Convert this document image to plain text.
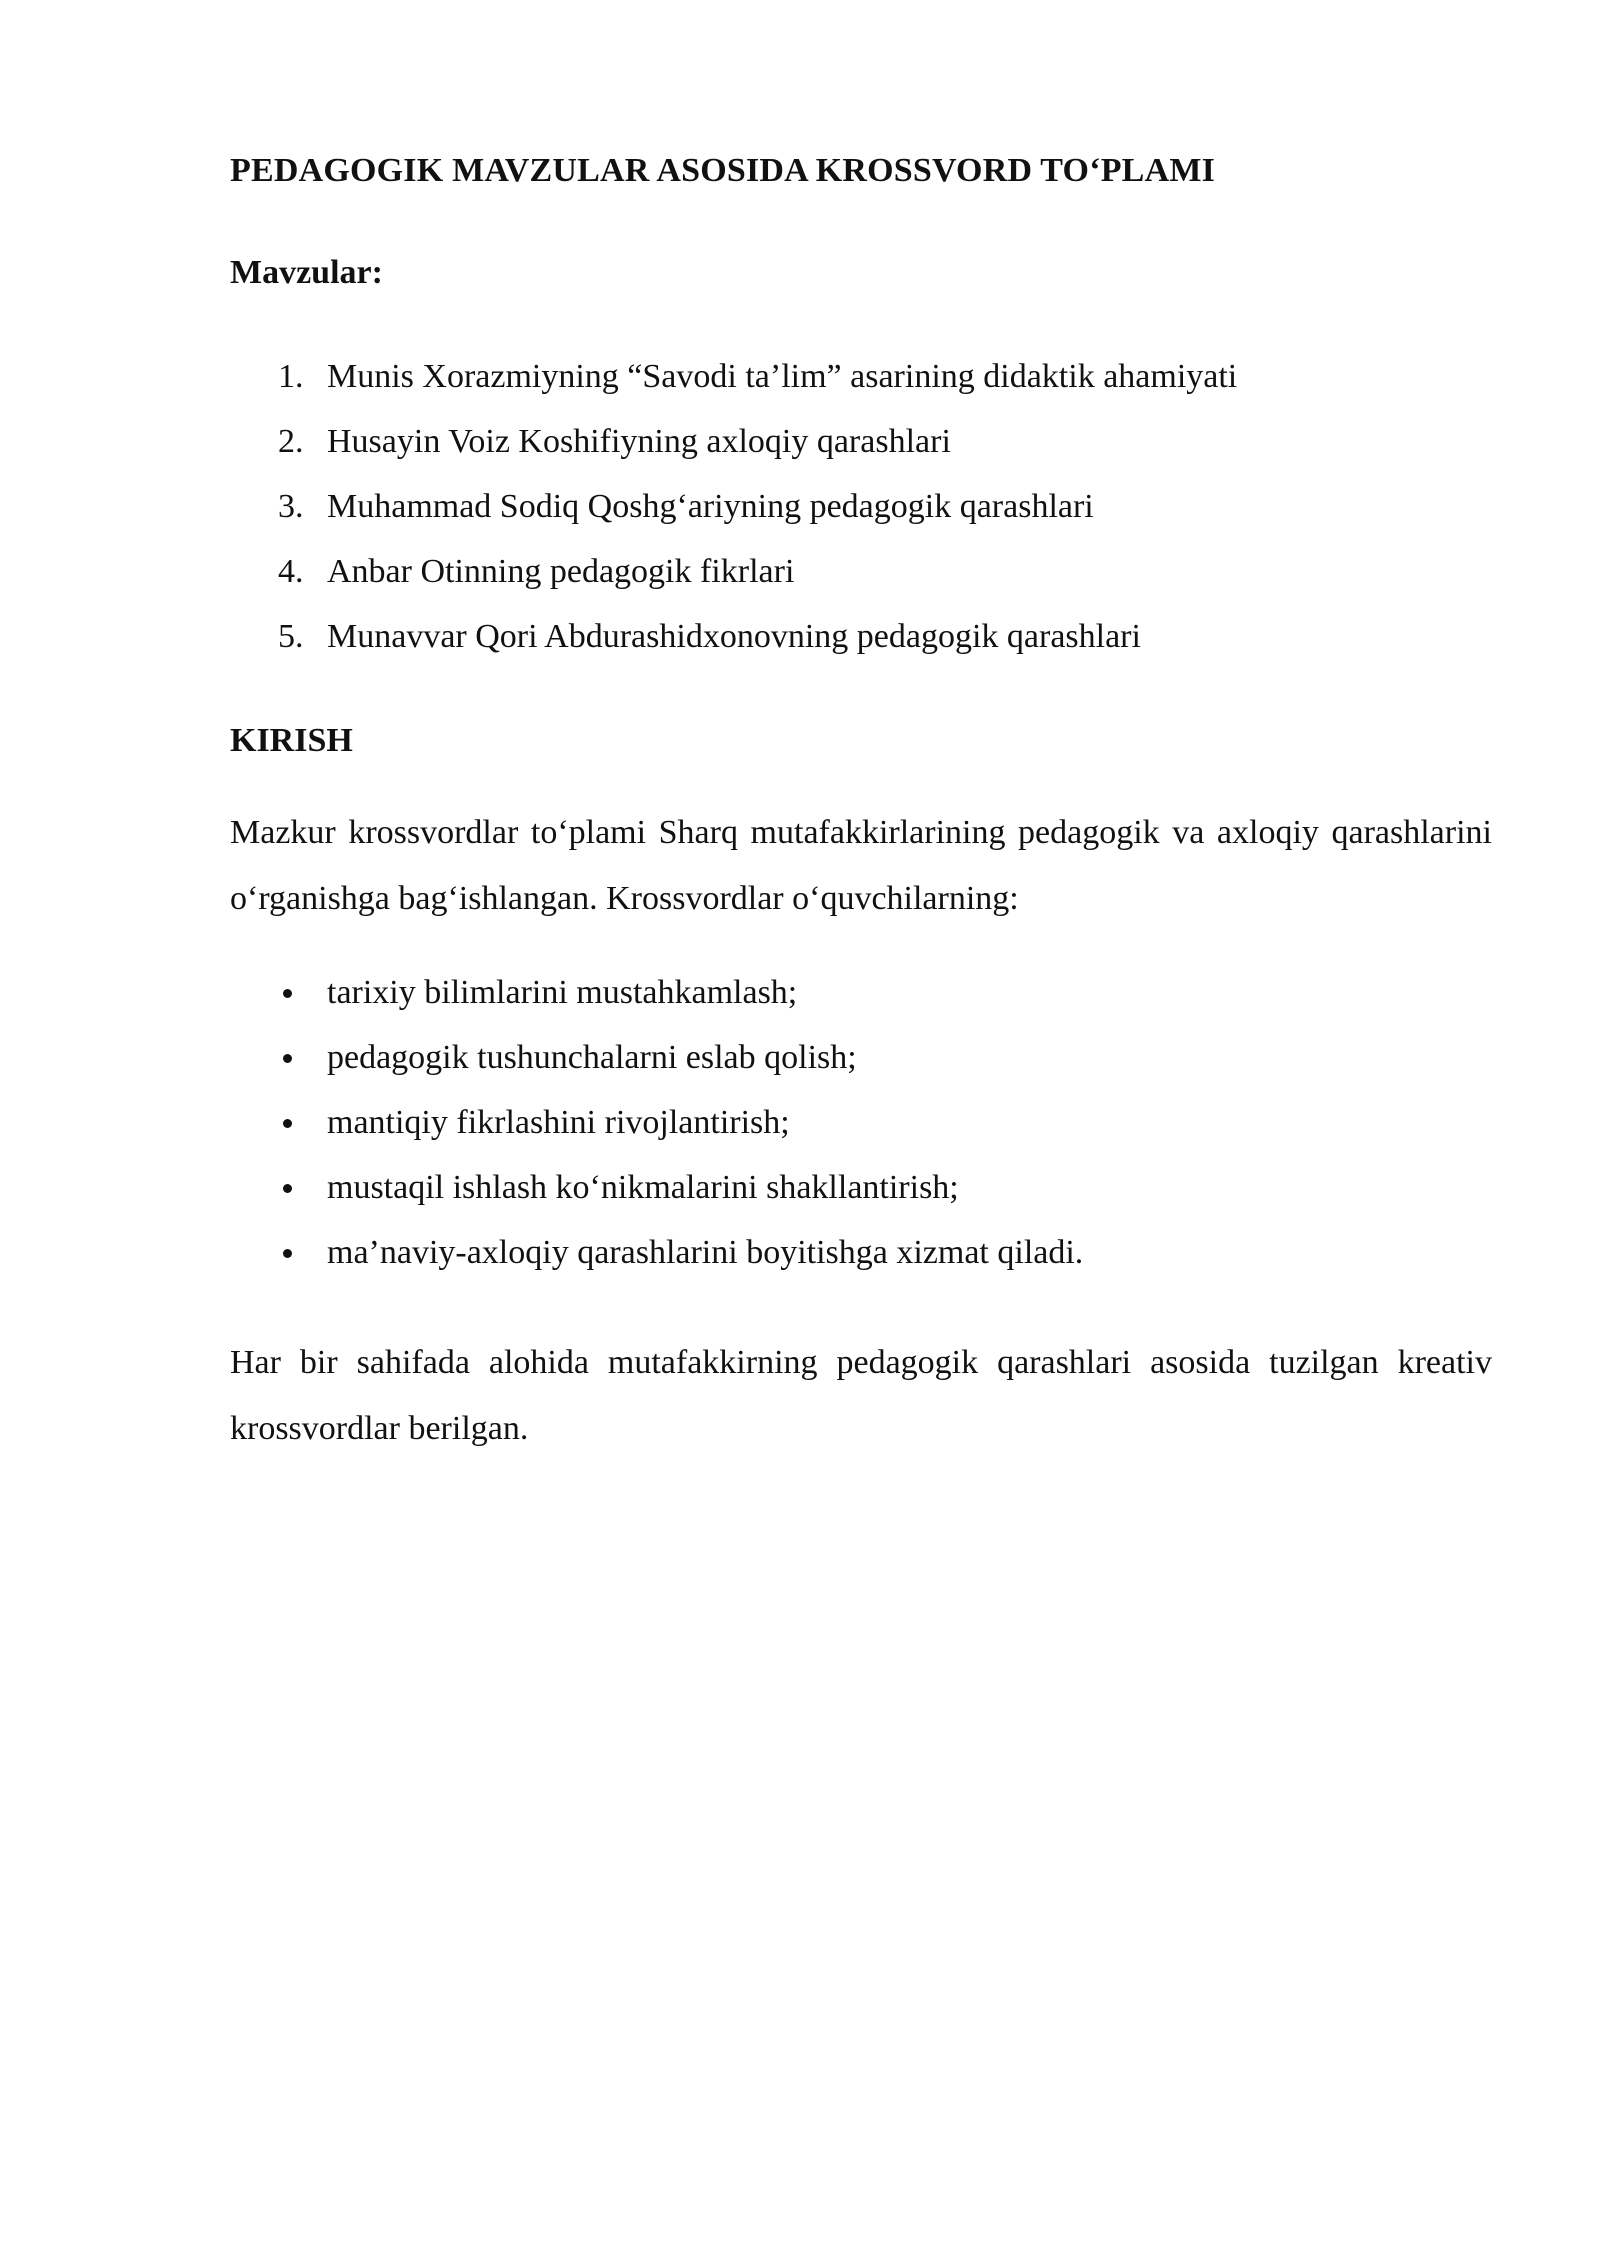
PEDAGOGIK MAVZULAR ASOSIDA KROSSVORD TO‘PLAMI
Mavzular:
1. Munis Xorazmiyning “Savodi ta’lim” asarining didaktik ahamiyati
2. Husayin Voiz Koshifiyning axloqiy qarashlari
3. Muhammad Sodiq Qoshg‘ariyning pedagogik qarashlari
4. Anbar Otinning pedagogik fikrlari
5. Munavvar Qori Abdurashidxonovning pedagogik qarashlari
KIRISH

Mazkur krossvordlar to‘plami Sharq mutafakkirlarining pedagogik va axloqiy qarashlarini o‘rganishga bag‘ishlangan. Krossvordlar o‘quvchilarning:

tarixiy bilimlarini mustahkamlash;
pedagogik tushunchalarni eslab qolish;
mantiqiy fikrlashini rivojlantirish;
mustaqil ishlash ko‘nikmalarini shakllantirish;
ma’naviy-axloqiy qarashlarini boyitishga xizmat qiladi.

Har bir sahifada alohida mutafakkirning pedagogik qarashlari asosida tuzilgan kreativ krossvordlar berilgan.
